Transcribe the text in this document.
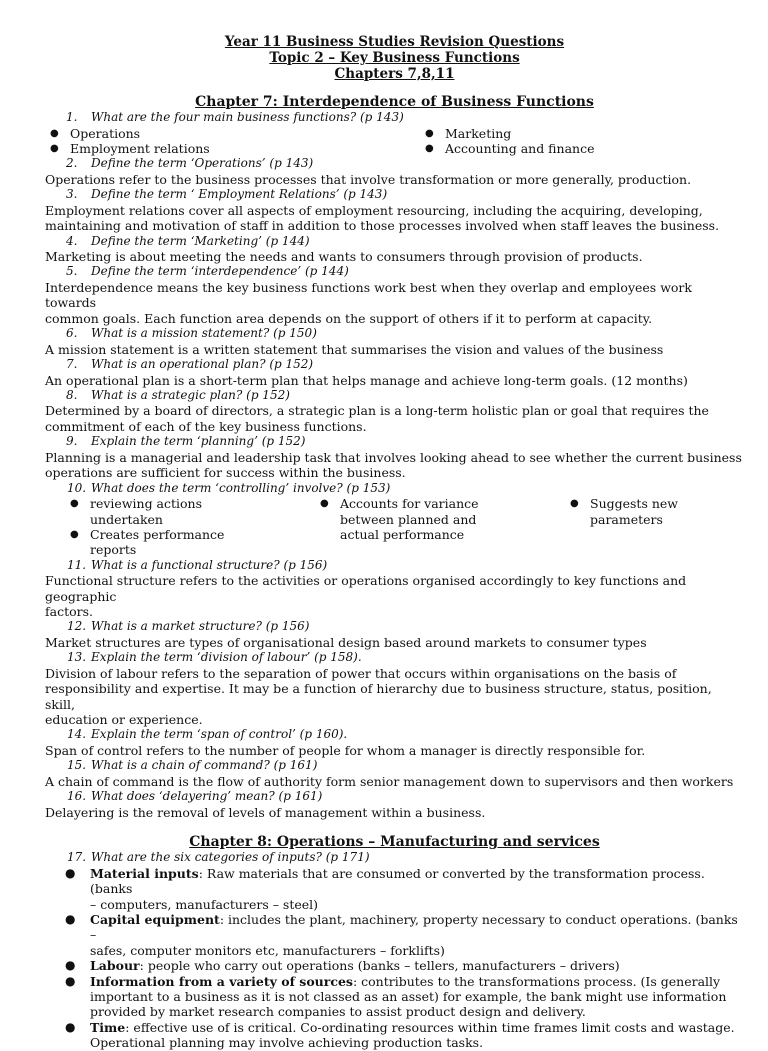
Year 11 Business Studies Revision Questions
Topic 2 – Key Business Functions
Chapters 7,8,11
Chapter 7: Interdependence of Business Functions
1. What are the four main business functions? (p 143)
● Operations
● Employment relations
● Marketing
● Accounting and finance
2. Define the term ‘Operations’ (p 143)
Operations refer to the business processes that involve transformation or more generally, production.
3. Define the term ‘ Employment Relations’ (p 143)
Employment relations cover all aspects of employment resourcing, including the acquiring, developing,
maintaining and motivation of staff in addition to those processes involved when staff leaves the business.
4. Define the term ‘Marketing’ (p 144)
Marketing is about meeting the needs and wants to consumers through provision of products.
5. Define the term ‘interdependence’ (p 144)
Interdependence means the key business functions work best when they overlap and employees work towards
common goals. Each function area depends on the support of others if it to perform at capacity.
6. What is a mission statement? (p 150)
A mission statement is a written statement that summarises the vision and values of the business
7. What is an operational plan? (p 152)
An operational plan is a short-term plan that helps manage and achieve long-term goals. (12 months)
8. What is a strategic plan? (p 152)
Determined by a board of directors, a strategic plan is a long-term holistic plan or goal that requires the
commitment of each of the key business functions.
9. Explain the term ‘planning’ (p 152)
Planning is a managerial and leadership task that involves looking ahead to see whether the current business
operations are sufficient for success within the business.
10. What does the term ‘controlling’ involve? (p 153)
● reviewing actions
undertaken
● Creates performance
reports
● Accounts for variance
between planned and
actual performance
● Suggests new
parameters
11. What is a functional structure? (p 156)
Functional structure refers to the activities or operations organised accordingly to key functions and geographic
factors.
12. What is a market structure? (p 156)
Market structures are types of organisational design based around markets to consumer types
13. Explain the term ‘division of labour’ (p 158).
Division of labour refers to the separation of power that occurs within organisations on the basis of
responsibility and expertise. It may be a function of hierarchy due to business structure, status, position, skill,
education or experience.
14. Explain the term ‘span of control’ (p 160).
Span of control refers to the number of people for whom a manager is directly responsible for.
15. What is a chain of command? (p 161)
A chain of command is the flow of authority form senior management down to supervisors and then workers
16. What does ‘delayering’ mean? (p 161)
Delayering is the removal of levels of management within a business.
Chapter 8: Operations – Manufacturing and services
17. What are the six categories of inputs? (p 171)
●	Material inputs: Raw materials that are consumed or converted by the transformation process. (banks
– computers, manufacturers – steel)
●	Capital equipment: includes the plant, machinery, property necessary to conduct operations. (banks –
safes, computer monitors etc, manufacturers – forklifts)
●	Labour: people who carry out operations (banks – tellers, manufacturers – drivers)
●	Information from a variety of sources: contributes to the transformations process. (Is generally
important to a business as it is not classed as an asset) for example, the bank might use information
provided by market research companies to assist product design and delivery.
●	Time: effective use of is critical. Co-ordinating resources within time frames limit costs and wastage.
Operational planning may involve achieving production tasks.
